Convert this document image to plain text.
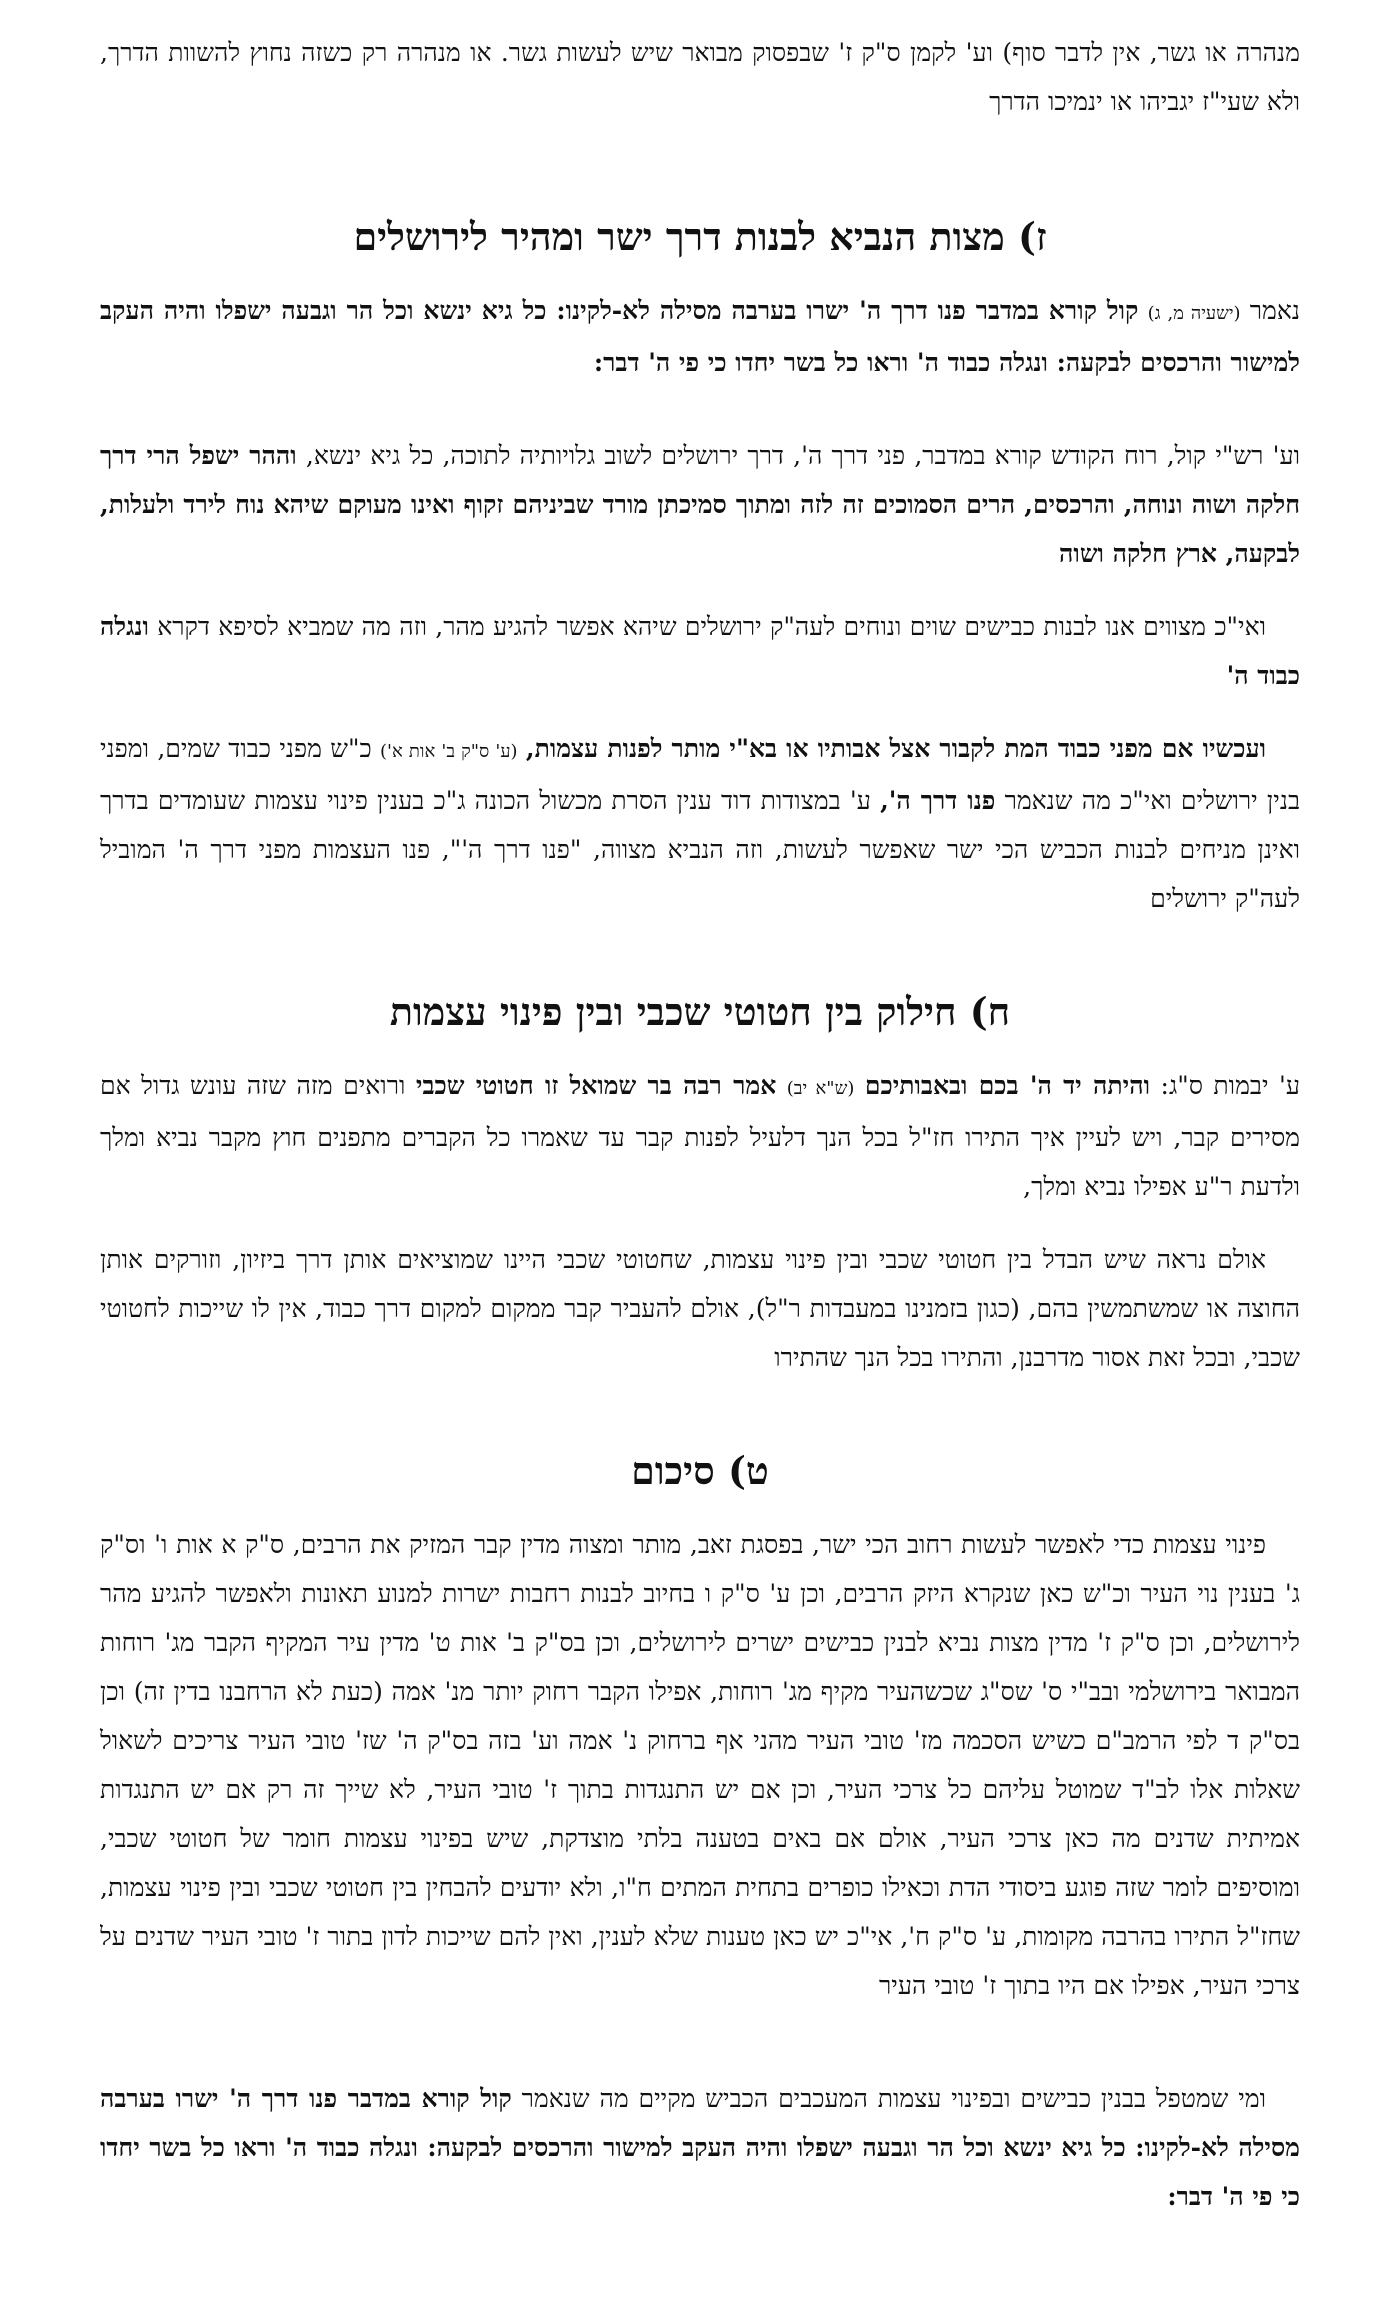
מנהרה או גשר, אין לדבר סוף) וע' לקמן ס"ק ז' שבפסוק מבואר שיש לעשות גשר. או מנהרה רק כשזה נחוץ להשוות הדרך, ולא שעי"ז יגביהו או ינמיכו הדרך

ז) מצות הנביא לבנות דרך ישר ומהיר לירושלים

נאמר (ישעיה מ, ג) קול קורא במדבר פנו דרך ה' ישרו בערבה מסילה לא-לקינו: כל גיא ינשא וכל הר וגבעה ישפלו והיה העקב למישור והרכסים לבקעה: ונגלה כבוד ה' וראו כל בשר יחדו כי פי ה' דבר:

וע' רש"י קול, רוח הקודש קורא במדבר, פני דרך ה', דרך ירושלים לשוב גלויותיה לתוכה, כל גיא ינשא, וההר ישפל הרי דרך חלקה ושוה ונוחה, והרכסים, הרים הסמוכים זה לזה ומתוך סמיכתן מורד שביניהם זקוף ואינו מעוקם שיהא נוח לירד ולעלות, לבקעה, ארץ חלקה ושוה

ואי"כ מצווים אנו לבנות כבישים שוים ונוחים לעה"ק ירושלים שיהא אפשר להגיע מהר, וזה מה שמביא לסיפא דקרא ונגלה כבוד ה'

ועכשיו אם מפני כבוד המת לקבור אצל אבותיו או בא"י מותר לפנות עצמות, (ע' ס"ק ב' אות א') כ"ש מפני כבוד שמים, ומפני בנין ירושלים ואי"כ מה שנאמר פנו דרך ה', ע' במצודות דוד ענין הסרת מכשול הכונה ג"כ בענין פינוי עצמות שעומדים בדרך ואינן מניחים לבנות הכביש הכי ישר שאפשר לעשות, וזה הנביא מצווה, "פנו דרך ה'", פנו העצמות מפני דרך ה' המוביל לעה"ק ירושלים

ח) חילוק בין חטוטי שכבי ובין פינוי עצמות

ע' יבמות ס"ג: והיתה יד ה' בכם ובאבותיכם (ש"א יב) אמר רבה בר שמואל זו חטוטי שכבי ורואים מזה שזה עונש גדול אם מסירים קבר, ויש לעיין איך התירו חז"ל בכל הנך דלעיל לפנות קבר עד שאמרו כל הקברים מתפנים חוץ מקבר נביא ומלך ולדעת ר"ע אפילו נביא ומלך,

אולם נראה שיש הבדל בין חטוטי שכבי ובין פינוי עצמות, שחטוטי שכבי היינו שמוציאים אותן דרך ביזיון, וזורקים אותן החוצה או שמשתמשין בהם, (כגון בזמנינו במעבדות ר"ל), אולם להעביר קבר ממקום למקום דרך כבוד, אין לו שייכות לחטוטי שכבי, ובכל זאת אסור מדרבנן, והתירו בכל הנך שהתירו

ט) סיכום

פינוי עצמות כדי לאפשר לעשות רחוב הכי ישר, בפסגת זאב, מותר ומצוה מדין קבר המזיק את הרבים, ס"ק א אות ו' וס"ק ג' בענין נוי העיר וכ"ש כאן שנקרא היזק הרבים, וכן ע' ס"ק ו בחיוב לבנות רחבות ישרות למנוע תאונות ולאפשר להגיע מהר לירושלים, וכן ס"ק ז' מדין מצות נביא לבנין כבישים ישרים לירושלים, וכן בס"ק ב' אות ט' מדין עיר המקיף הקבר מג' רוחות המבואר בירושלמי ובב"י ס' שס"ג שכשהעיר מקיף מג' רוחות, אפילו הקבר רחוק יותר מנ' אמה (כעת לא הרחבנו בדין זה) וכן בס"ק ד לפי הרמב"ם כשיש הסכמה מז' טובי העיר מהני אף ברחוק נ' אמה וע' בזה בס"ק ה' שז' טובי העיר צריכים לשאול שאלות אלו לב"ד שמוטל עליהם כל צרכי העיר, וכן אם יש התנגדות בתוך ז' טובי העיר, לא שייך זה רק אם יש התנגדות אמיתית שדנים מה כאן צרכי העיר, אולם אם באים בטענה בלתי מוצדקת, שיש בפינוי עצמות חומר של חטוטי שכבי, ומוסיפים לומר שזה פוגע ביסודי הדת וכאילו כופרים בתחית המתים ח"ו, ולא יודעים להבחין בין חטוטי שכבי ובין פינוי עצמות, שחז"ל התירו בהרבה מקומות, ע' ס"ק ח', אי"כ יש כאן טענות שלא לענין, ואין להם שייכות לדון בתור ז' טובי העיר שדנים על צרכי העיר, אפילו אם היו בתוך ז' טובי העיר

ומי שמטפל בבנין כבישים ובפינוי עצמות המעכבים הכביש מקיים מה שנאמר קול קורא במדבר פנו דרך ה' ישרו בערבה מסילה לא-לקינו: כל גיא ינשא וכל הר וגבעה ישפלו והיה העקב למישור והרכסים לבקעה: ונגלה כבוד ה' וראו כל בשר יחדו כי פי ה' דבר:
